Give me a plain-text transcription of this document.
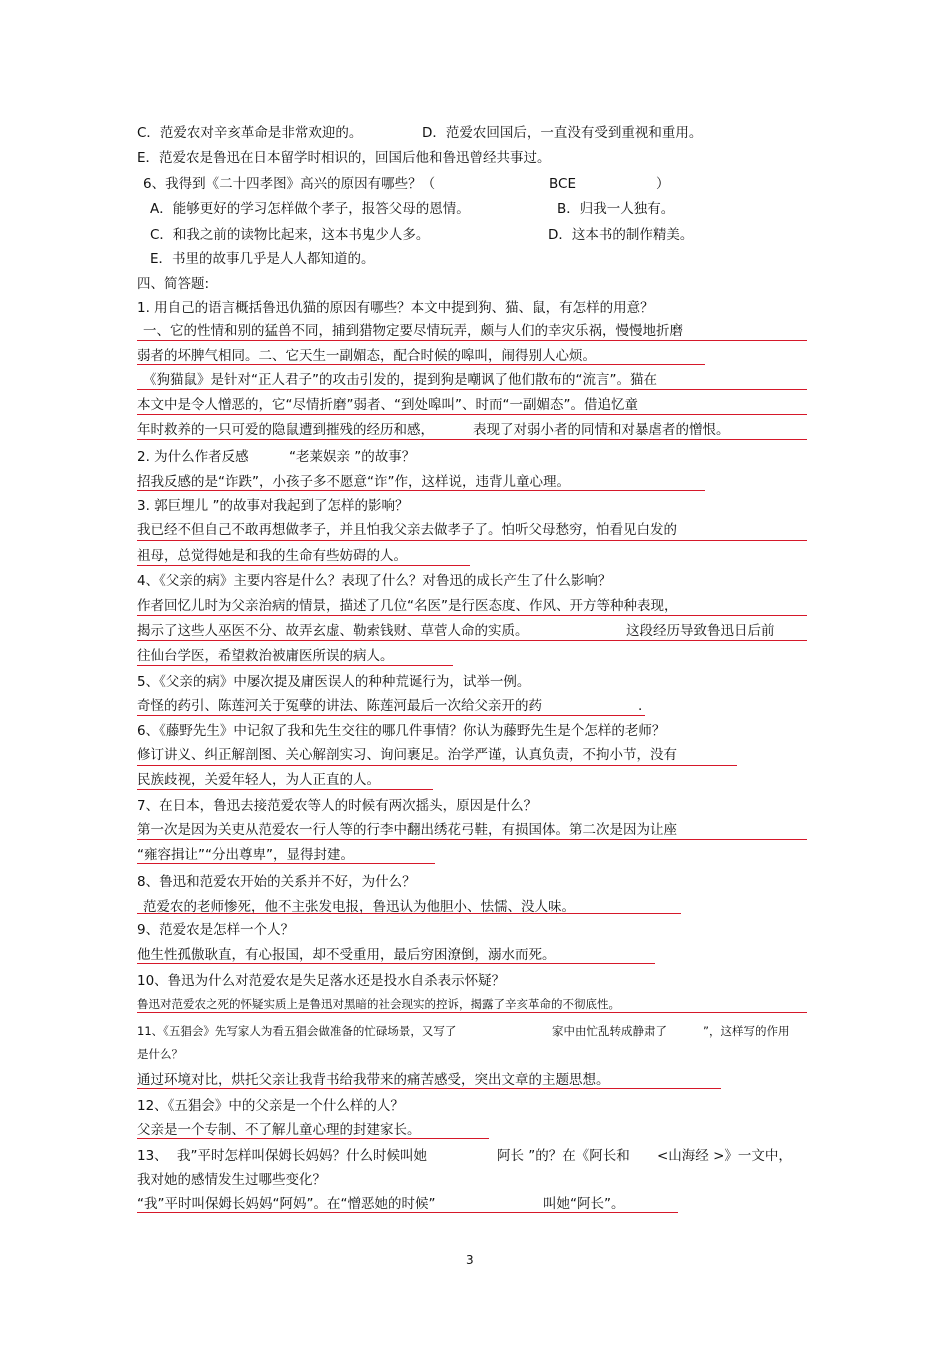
C．范爱农对辛亥革命是非常欢迎的。	D．范爱农回国后，一直没有受到重视和重用。
E．范爱农是鲁迅在日本留学时相识的，回国后他和鲁迅曾经共事过。
6、我得到《二十四孝图》高兴的原因有哪些？（	BCE	）
A．能够更好的学习怎样做个孝子，报答父母的恩情。	B．归我一人独有。
C．和我之前的读物比起来，这本书鬼少人多。	D．这本书的制作精美。
E．书里的故事几乎是人人都知道的。
四、简答题:
1. 用自己的语言概括鲁迅仇猫的原因有哪些？本文中提到狗、猫、鼠，有怎样的用意？
一、它的性情和别的猛兽不同，捕到猎物定要尽情玩弄，颇与人们的幸灾乐祸，慢慢地折磨
弱者的坏脾气相同。二、它天生一副媚态，配合时候的嗥叫，闹得别人心烦。
《狗猫鼠》是针对“正人君子”的攻击引发的，提到狗是嘲讽了他们散布的“流言”。猫在
本文中是令人憎恶的，它“尽情折磨”弱者、“到处嗥叫”、时而“一副媚态”。借追忆童
年时救养的一只可爱的隐鼠遭到摧残的经历和感，	表现了对弱小者的同情和对暴虐者的憎恨。
2. 为什么作者反感	“老莱娱亲 ”的故事？
招我反感的是“诈跌”，小孩子多不愿意“诈”作，这样说，违背儿童心理。
3. 郭巨埋儿 ”的故事对我起到了怎样的影响？
我已经不但自己不敢再想做孝子，并且怕我父亲去做孝子了。怕听父母愁穷，怕看见白发的
祖母，总觉得她是和我的生命有些妨碍的人。
4、《父亲的病》主要内容是什么？表现了什么？对鲁迅的成长产生了什么影响？
作者回忆儿时为父亲治病的情景，描述了几位“名医”是行医态度、作风、开方等种种表现，
揭示了这些人巫医不分、故弄玄虚、勒索钱财、草菅人命的实质。	这段经历导致鲁迅日后前
往仙台学医，希望救治被庸医所误的病人。
5、《父亲的病》中屡次提及庸医误人的种种荒诞行为，试举一例。
奇怪的药引、陈莲河关于冤孽的讲法、陈莲河最后一次给父亲开的药	.
6、《藤野先生》中记叙了我和先生交往的哪几件事情？你认为藤野先生是个怎样的老师？
修订讲义、纠正解剖图、关心解剖实习、询问裹足。治学严谨，认真负责，不拘小节，没有
民族歧视，关爱年轻人，为人正直的人。
7、在日本，鲁迅去接范爱农等人的时候有两次摇头，原因是什么？
第一次是因为关吏从范爱农一行人等的行李中翻出绣花弓鞋，有损国体。第二次是因为让座
“雍容揖让”“分出尊卑”，显得封建。
8、鲁迅和范爱农开始的关系并不好，为什么？
范爱农的老师惨死，他不主张发电报，鲁迅认为他胆小、怯懦、没人味。
9、范爱农是怎样一个人？
他生性孤傲耿直，有心报国，却不受重用，最后穷困潦倒，溺水而死。
10、鲁迅为什么对范爱农是失足落水还是投水自杀表示怀疑？
鲁迅对范爱农之死的怀疑实质上是鲁迅对黑暗的社会现实的控诉，揭露了辛亥革命的不彻底性。
11、《五猖会》先写家人为看五猖会做准备的忙碌场景，又写了	家中由忙乱转成静肃了	”，这样写的作用
是什么？
通过环境对比，烘托父亲让我背书给我带来的痛苦感受，突出文章的主题思想。
12、《五猖会》中的父亲是一个什么样的人？
父亲是一个专制、不了解儿童心理的封建家长。
13、 我”平时怎样叫保姆长妈妈？什么时候叫她	阿长 ”的？在《阿长和 <山海经 >》一文中，
我对她的感情发生过哪些变化？
“我”平时叫保姆长妈妈“阿妈”。在“憎恶她的时候”	叫她“阿长”。
3
